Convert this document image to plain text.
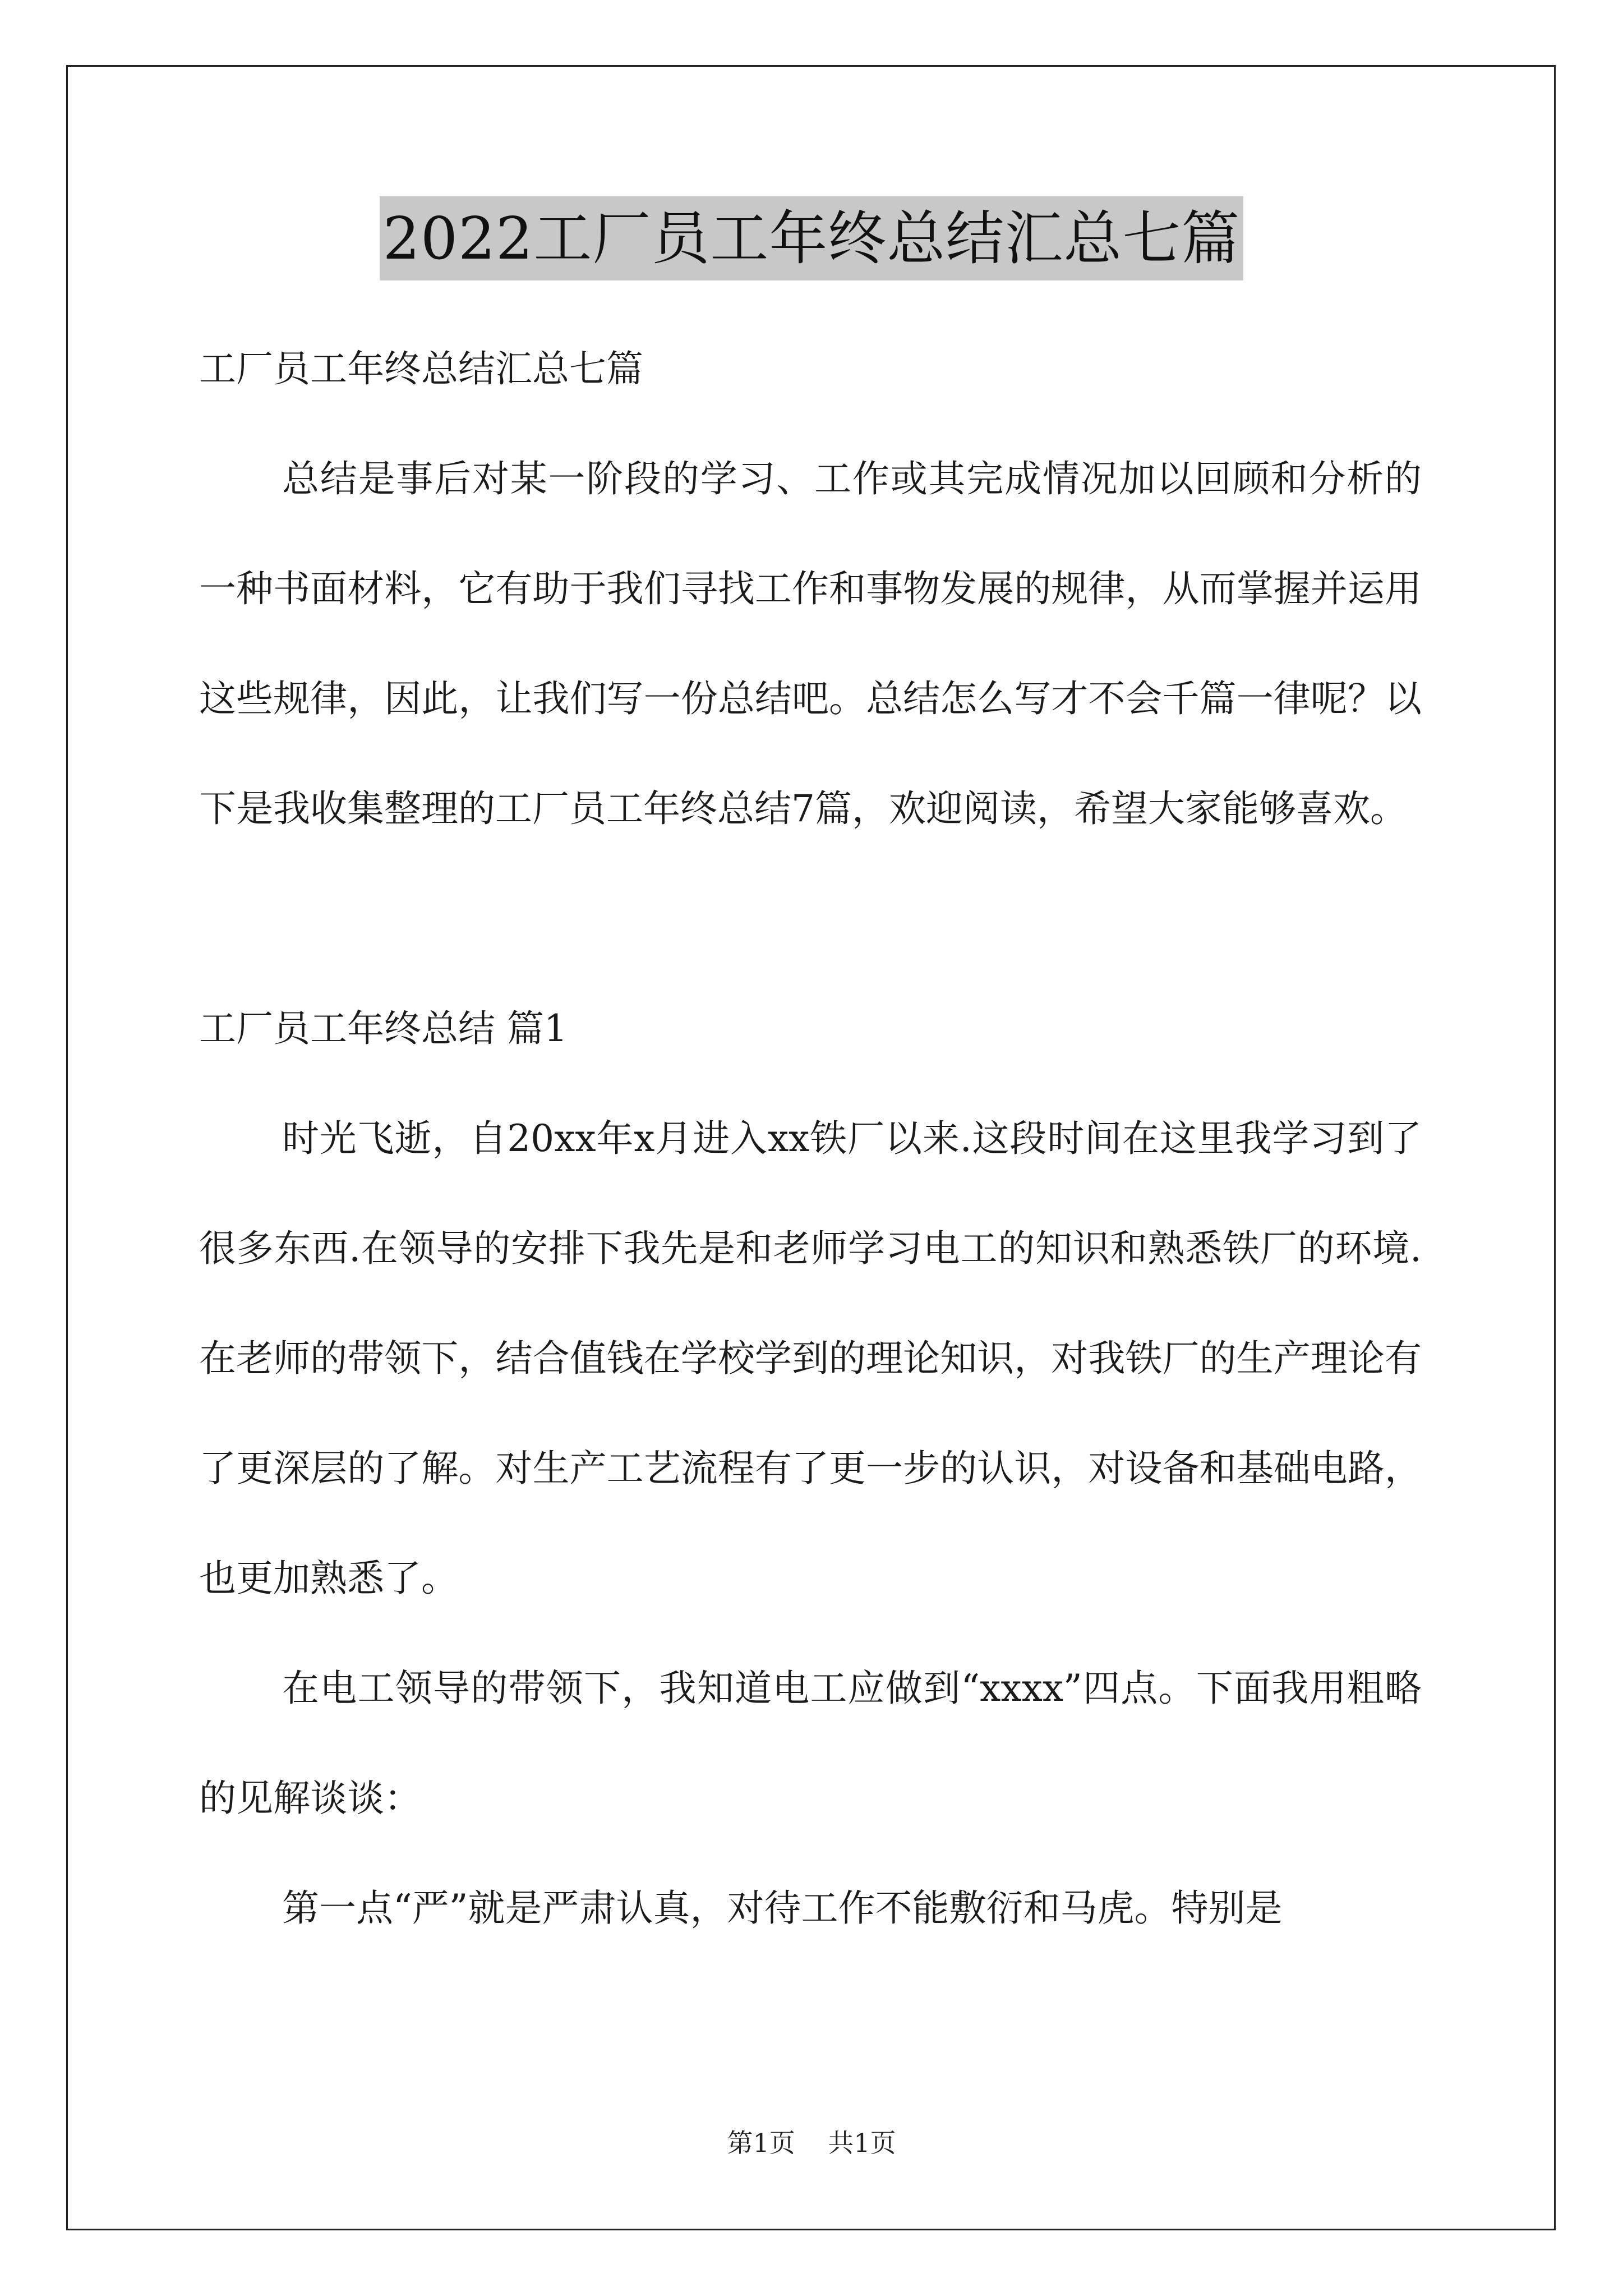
2022工厂员工年终总结汇总七篇

工厂员工年终总结汇总七篇

总结是事后对某一阶段的学习、工作或其完成情况加以回顾和分析的一种书面材料，它有助于我们寻找工作和事物发展的规律，从而掌握并运用这些规律，因此，让我们写一份总结吧。总结怎么写才不会千篇一律呢？以下是我收集整理的工厂员工年终总结7篇，欢迎阅读，希望大家能够喜欢。

工厂员工年终总结 篇1

时光飞逝，自20xx年x月进入xx铁厂以来.这段时间在这里我学习到了很多东西.在领导的安排下我先是和老师学习电工的知识和熟悉铁厂的环境.在老师的带领下，结合值钱在学校学到的理论知识，对我铁厂的生产理论有了更深层的了解。对生产工艺流程有了更一步的认识，对设备和基础电路，也更加熟悉了。

在电工领导的带领下，我知道电工应做到“xxxx”四点。下面我用粗略的见解谈谈：

第一点“严”就是严肃认真，对待工作不能敷衍和马虎。特别是

第1页    共1页
